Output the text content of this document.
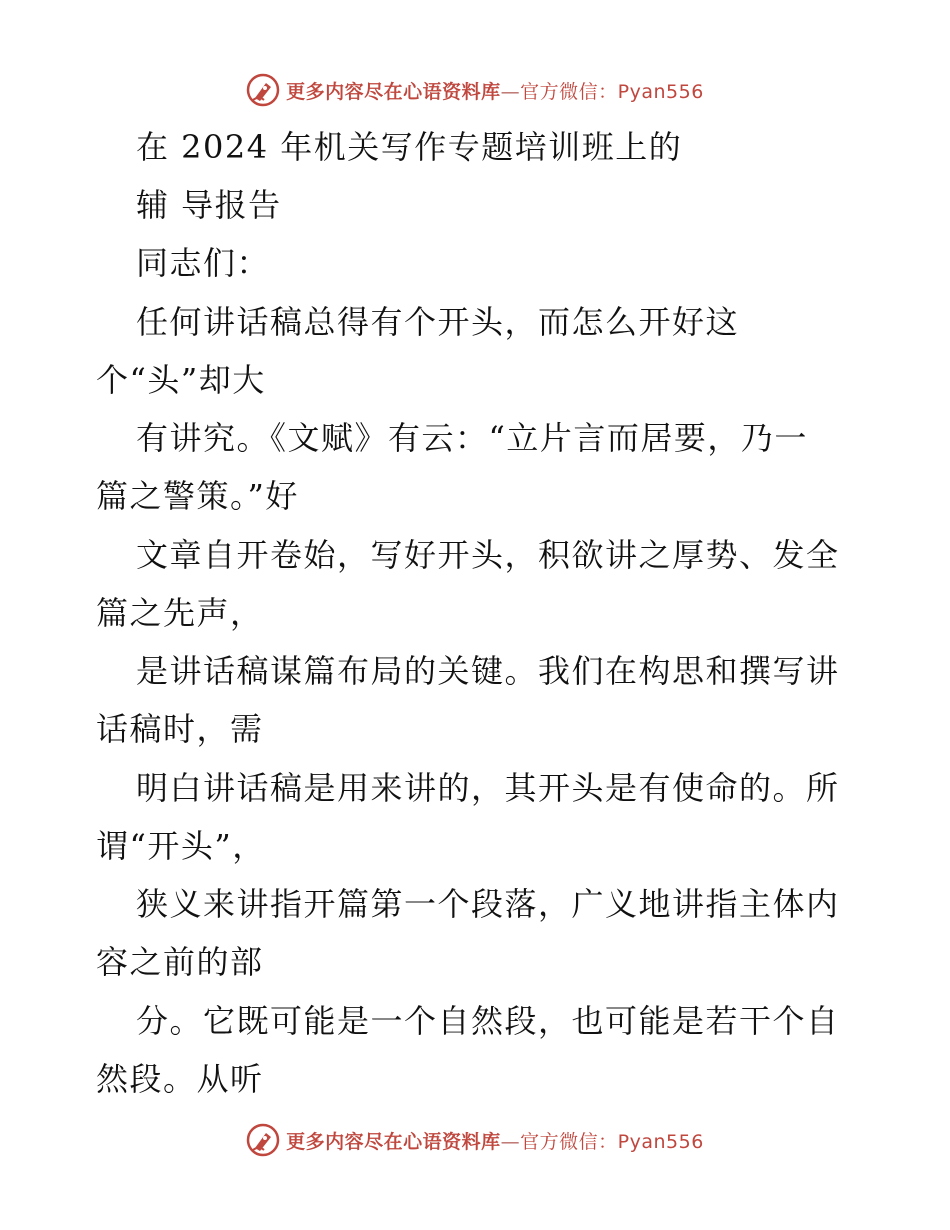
更多内容尽在心语资料库—官方微信：Pyan556
在 2024 年机关写作专题培训班上的
辅 导报告
同志们：
任何讲话稿总得有个开头，而怎么开好这
个“头”却大
有讲究。《文赋》有云：“立片言而居要，乃一
篇之警策。”好
文章自开卷始，写好开头，积欲讲之厚势、发全
篇之先声，
是讲话稿谋篇布局的关键。我们在构思和撰写讲
话稿时，需
明白讲话稿是用来讲的，其开头是有使命的。所
谓“开头”，
狭义来讲指开篇第一个段落，广义地讲指主体内
容之前的部
分。它既可能是一个自然段，也可能是若干个自
然段。从听
更多内容尽在心语资料库—官方微信：Pyan556
